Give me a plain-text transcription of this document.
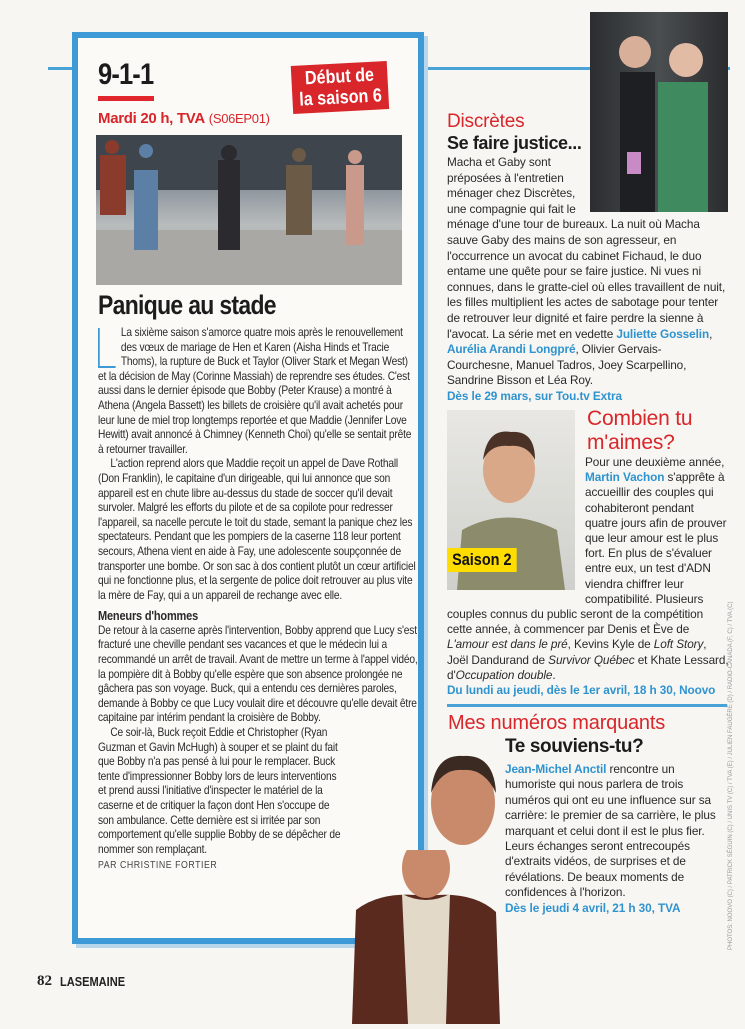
9-1-1
Mardi 20 h, TVA (S06EP01)
Début de
la saison 6
Panique au stade

La sixième saison s'amorce quatre mois après le renouvellement des vœux de mariage de Hen et Karen (Aisha Hinds et Tracie Thoms), la rupture de Buck et Taylor (Oliver Stark et Megan West) et la décision de May (Corinne Massiah) de reprendre ses études. C'est aussi dans le dernier épisode que Bobby (Peter Krause) a montré à Athena (Angela Bassett) les billets de croisière qu'il avait achetés pour leur lune de miel trop longtemps reportée et que Maddie (Jennifer Love Hewitt) avait annoncé à Chimney (Kenneth Choi) qu'elle se sentait prête à retourner travailler.

L'action reprend alors que Maddie reçoit un appel de Dave Rothall (Don Franklin), le capitaine d'un dirigeable, qui lui annonce que son appareil est en chute libre au-dessus du stade de soccer qu'il devait survoler. Malgré les efforts du pilote et de sa copilote pour redresser l'appareil, sa nacelle percute le toit du stade, semant la panique chez les spectateurs. Pendant que les pompiers de la caserne 118 leur portent secours, Athena vient en aide à Fay, une adolescente soupçonnée de transporter une bombe. Or son sac à dos contient plutôt un cœur artificiel qui ne fonctionne plus, et la sergente de police doit retrouver au plus vite la mère de Fay, qui a un appareil de rechange avec elle.

Meneurs d'hommes

De retour à la caserne après l'intervention, Bobby apprend que Lucy s'est fracturé une cheville pendant ses vacances et que le médecin lui a recommandé un arrêt de travail. Avant de mettre un terme à l'appel vidéo, la pompière dit à Bobby qu'elle espère que son absence prolongée ne gâchera pas son voyage. Buck, qui a entendu ces dernières paroles, demande à Bobby ce que Lucy voulait dire et découvre qu'elle devait être capitaine par intérim pendant la croisière de Bobby.

Ce soir-là, Buck reçoit Eddie et Christopher (Ryan Guzman et Gavin McHugh) à souper et se plaint du fait que Bobby n'a pas pensé à lui pour le remplacer. Buck tente d'impressionner Bobby lors de leurs interventions et prend aussi l'initiative d'inspecter le matériel de la caserne et de critiquer la façon dont Hen s'occupe de son ambulance. Cette dernière est si irritée par son comportement qu'elle supplie Bobby de se dépêcher de nommer son remplaçant.

PAR CHRISTINE FORTIER

Discrètes
Se faire justice...
Macha et Gaby sont préposées à l'entretien ménager chez Discrètes, une compagnie qui fait le ménage d'une tour de bureaux. La nuit où Macha sauve Gaby des mains de son agresseur, en l'occurrence un avocat du cabinet Fichaud, le duo entame une quête pour se faire justice. Ni vues ni connues, dans le gratte-ciel où elles travaillent de nuit, les filles multiplient les actes de sabotage pour tenter de retrouver leur dignité et faire perdre la sienne à l'avocat. La série met en vedette Juliette Gosselin, Aurélia Arandi Longpré, Olivier Gervais-Courchesne, Manuel Tadros, Joey Scarpellino, Sandrine Bisson et Léa Roy.
Dès le 29 mars, sur Tou.tv Extra
Saison 2
Combien tu m'aimes?
Pour une deuxième année, Martin Vachon s'apprête à accueillir des couples qui cohabiteront pendant quatre jours afin de prouver que leur amour est le plus fort. En plus de s'évaluer entre eux, un test d'ADN viendra chiffrer leur compatibilité. Plusieurs couples connus du public seront de la compétition cette année, à commencer par Denis et Ève de L'amour est dans le pré, Kevins Kyle de Loft Story, Joël Dandurand de Survivor Québec et Khate Lessard, d'Occupation double.
Du lundi au jeudi, dès le 1er avril, 18 h 30, Noovo
Mes numéros marquants
Te souviens-tu?
Jean-Michel Anctil rencontre un humoriste qui nous parlera de trois numéros qui ont eu une influence sur sa carrière: le premier de sa carrière, le plus marquant et celui dont il est le plus fier. Leurs échanges seront entrecoupés d'extraits vidéos, de surprises et de révélations. De beaux moments de confidences à l'horizon.
Dès le jeudi 4 avril, 21 h 30, TVA
82 LASEMAINE
PHOTOS: NOOVO (C) / PATRICK SÉGUIN (C) / UNIS TV (C) / TVA (E) / JULIEN FAUGÈRE (D) / RADIO-CANADA (F, C) / TVA (C)
